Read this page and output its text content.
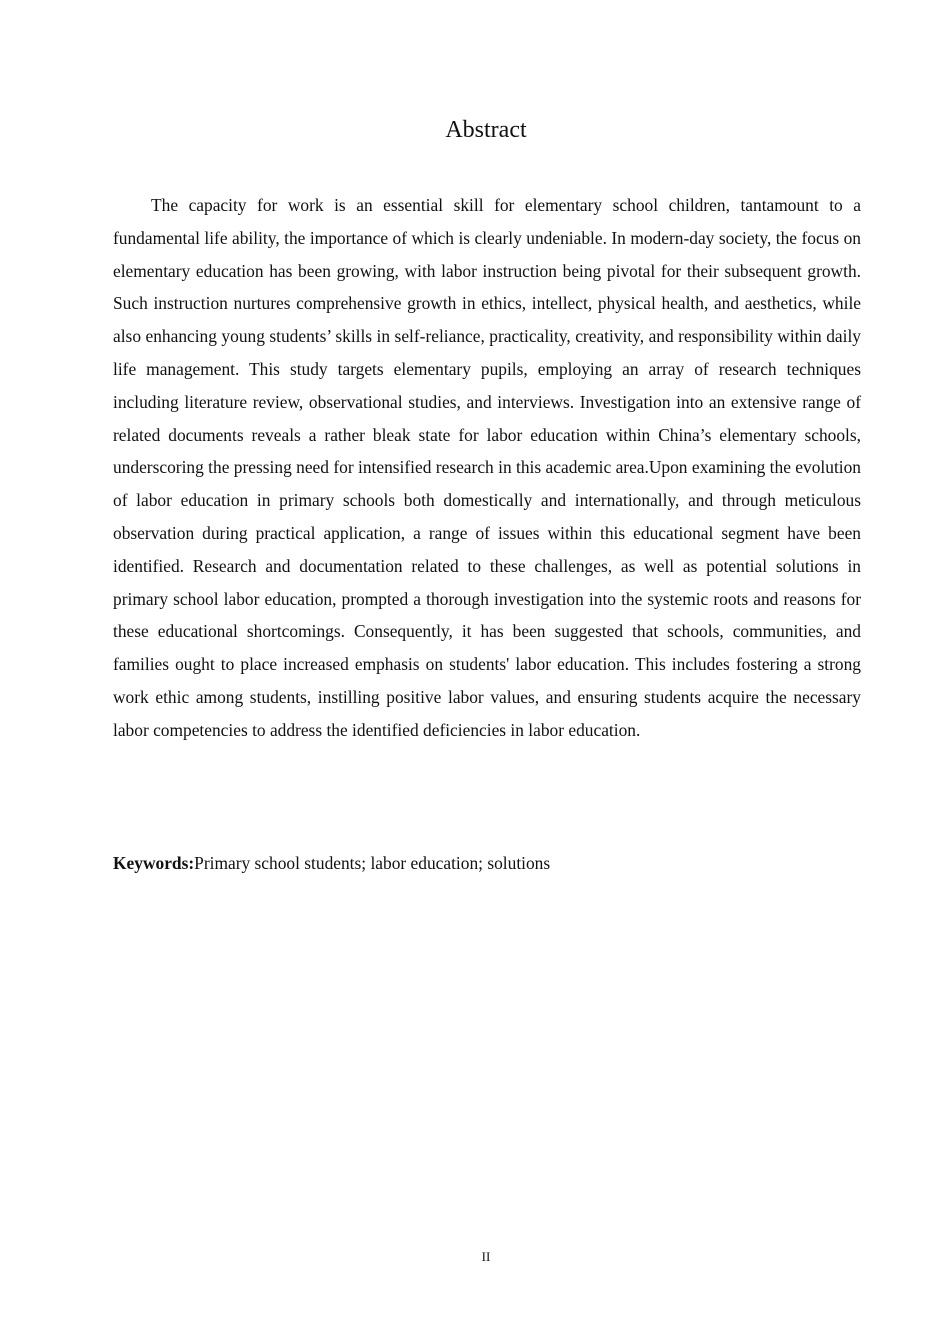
Abstract

The capacity for work is an essential skill for elementary school children, tantamount to a fundamental life ability, the importance of which is clearly undeniable. In modern-day society, the focus on elementary education has been growing, with labor instruction being pivotal for their subsequent growth. Such instruction nurtures comprehensive growth in ethics, intellect, physical health, and aesthetics, while also enhancing young students’ skills in self-reliance, practicality, creativity, and responsibility within daily life management. This study targets elementary pupils, employing an array of research techniques including literature review, observational studies, and interviews. Investigation into an extensive range of related documents reveals a rather bleak state for labor education within China’s elementary schools, underscoring the pressing need for intensified research in this academic area.Upon examining the evolution of labor education in primary schools both domestically and internationally, and through meticulous observation during practical application, a range of issues within this educational segment have been identified. Research and documentation related to these challenges, as well as potential solutions in primary school labor education, prompted a thorough investigation into the systemic roots and reasons for these educational shortcomings. Consequently, it has been suggested that schools, communities, and families ought to place increased emphasis on students' labor education. This includes fostering a strong work ethic among students, instilling positive labor values, and ensuring students acquire the necessary labor competencies to address the identified deficiencies in labor education.

Keywords:Primary school students; labor education; solutions

II
